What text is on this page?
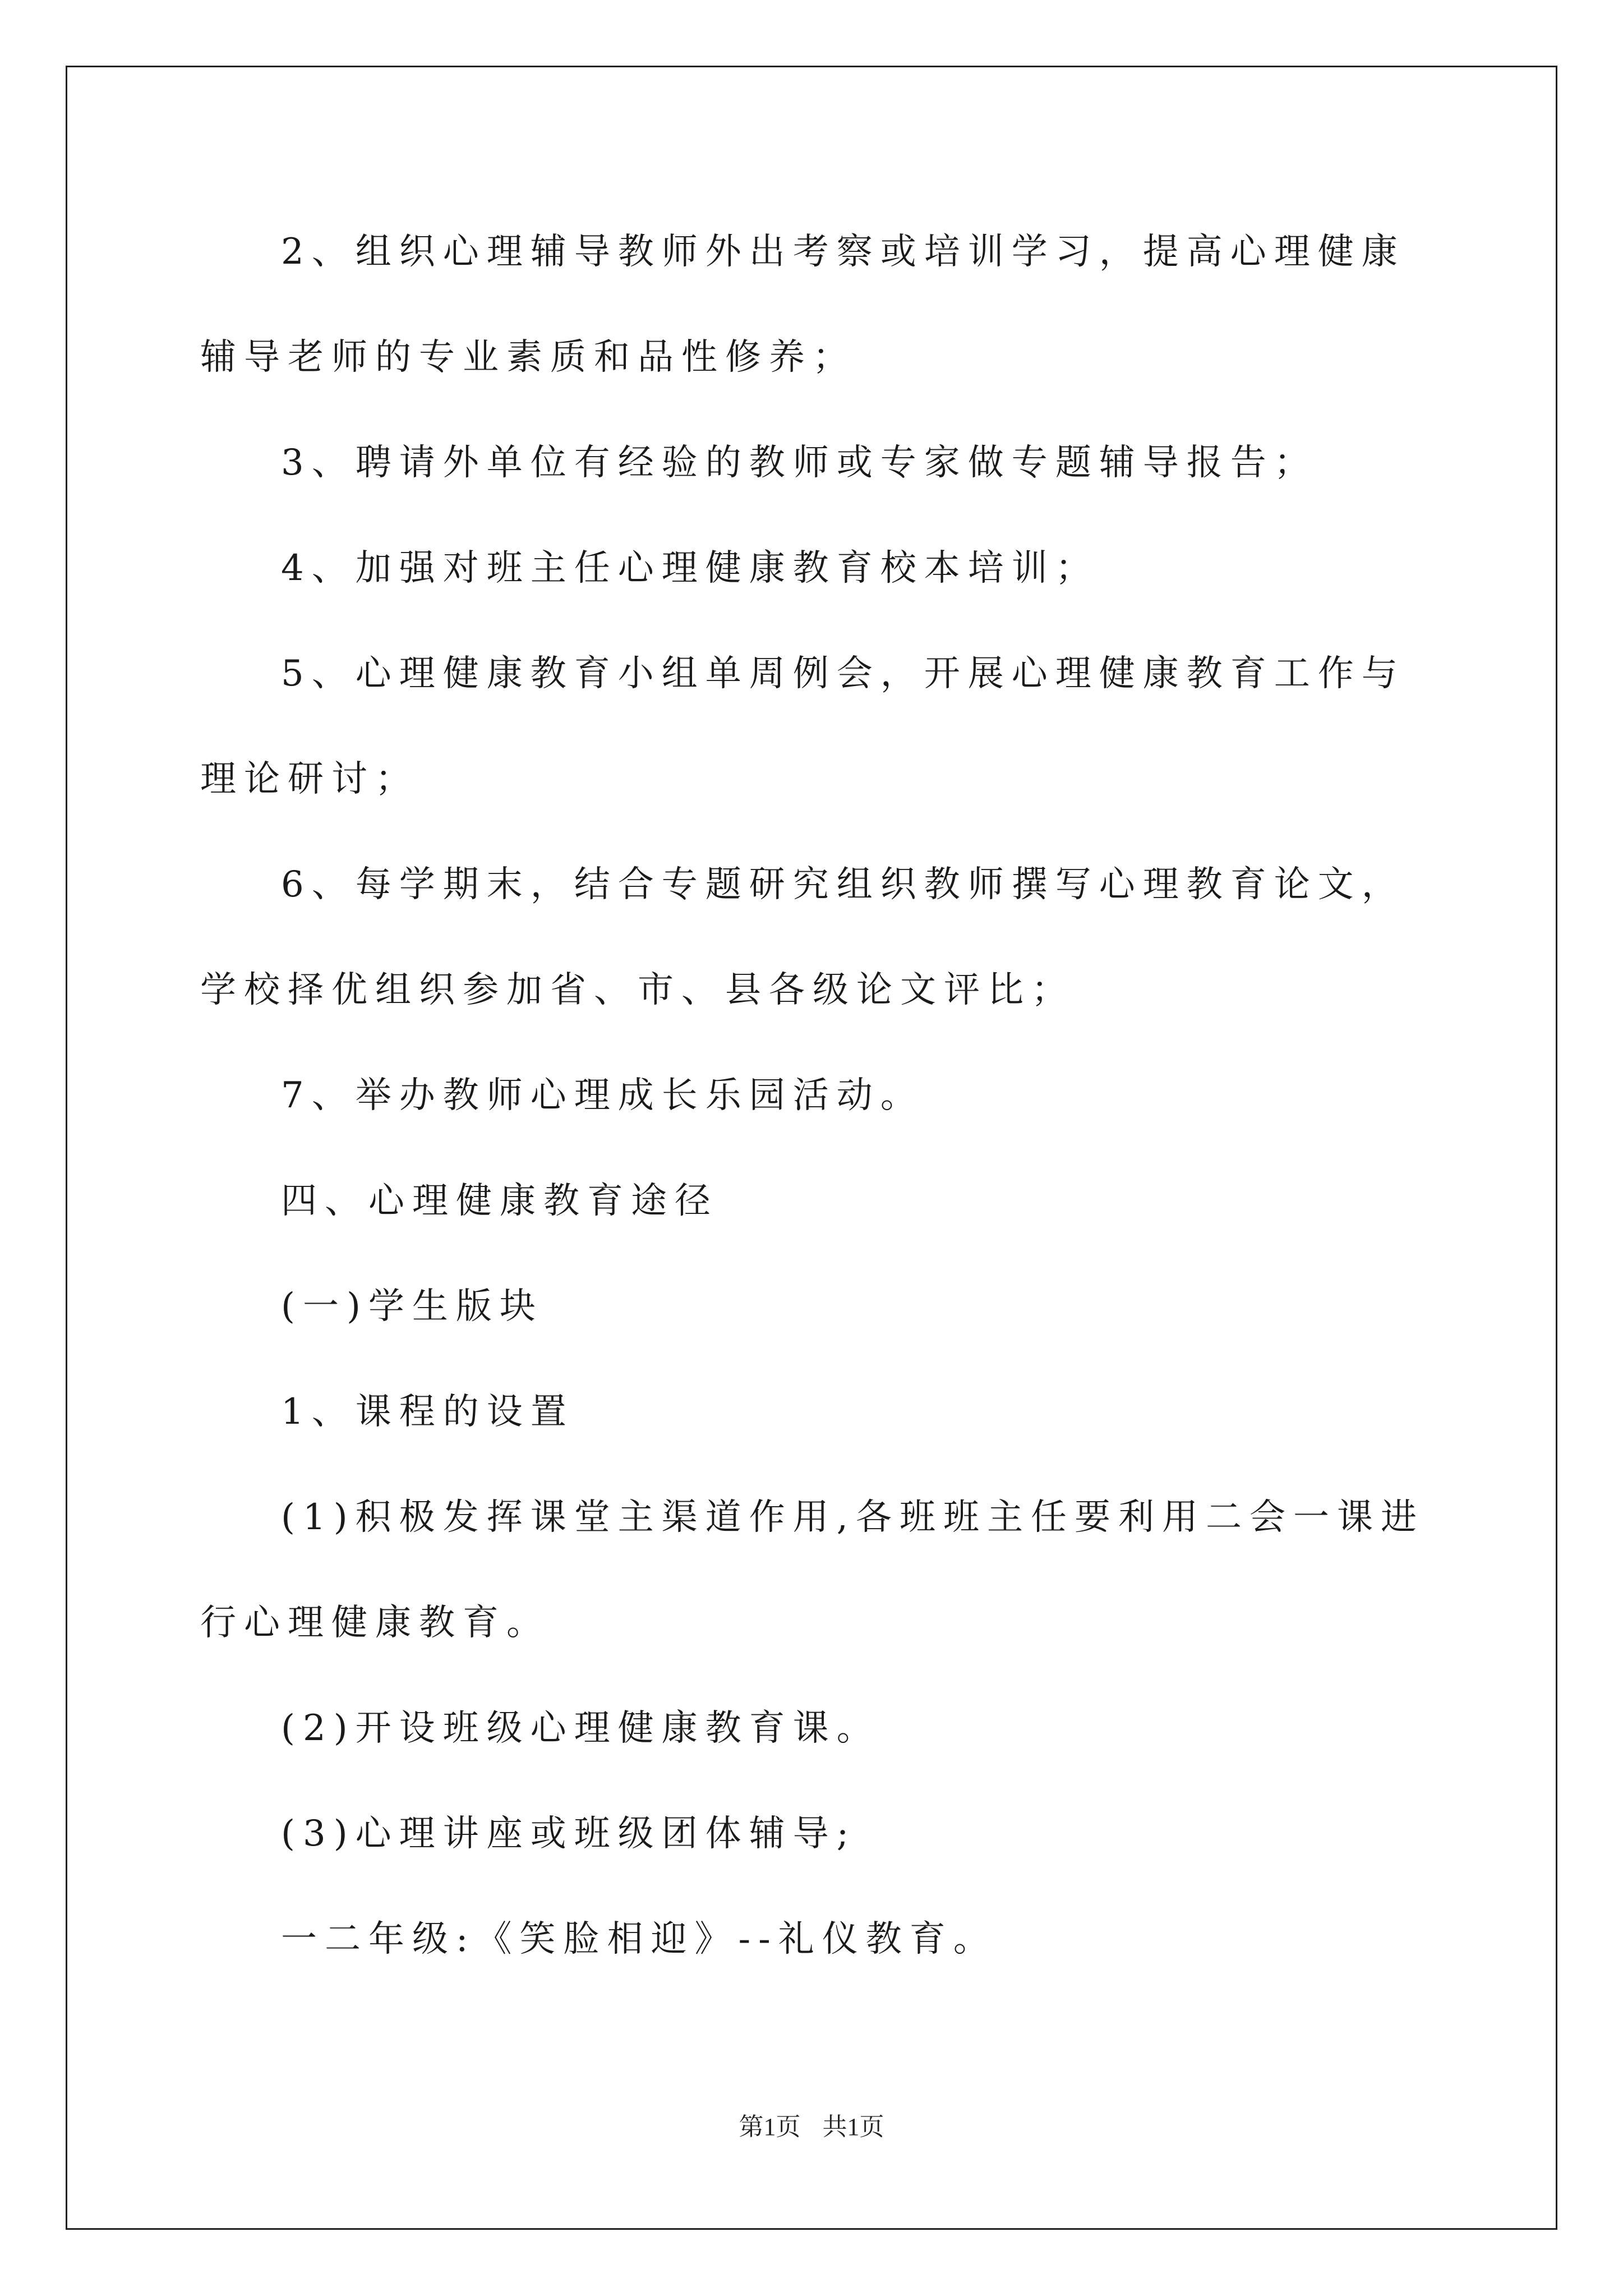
2、组织心理辅导教师外出考察或培训学习，提高心理健康辅导老师的专业素质和品性修养；

3、聘请外单位有经验的教师或专家做专题辅导报告；

4、加强对班主任心理健康教育校本培训；

5、心理健康教育小组单周例会，开展心理健康教育工作与理论研讨；

6、每学期末，结合专题研究组织教师撰写心理教育论文，学校择优组织参加省、市、县各级论文评比；

7、举办教师心理成长乐园活动。

四、心理健康教育途径

(一)学生版块

1、课程的设置

(1)积极发挥课堂主渠道作用,各班班主任要利用二会一课进行心理健康教育。

(2)开设班级心理健康教育课。

(3)心理讲座或班级团体辅导;

一二年级:《笑脸相迎》--礼仪教育。

第1页 共1页
